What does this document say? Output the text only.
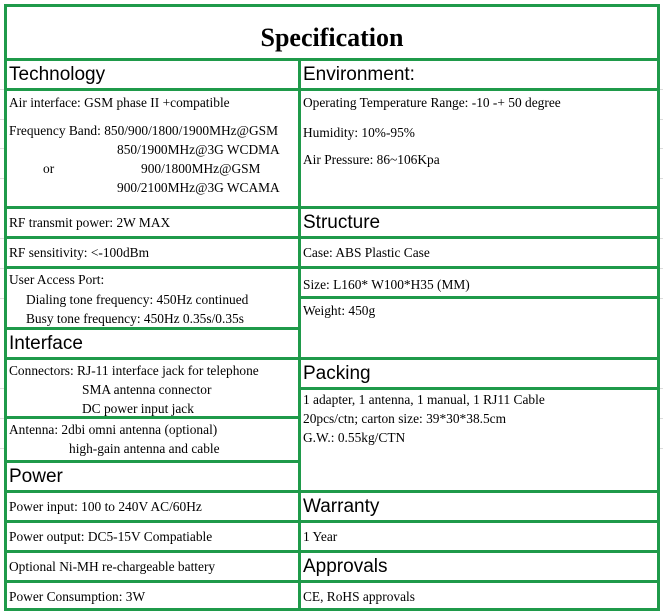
Specification
Technology
Air interface: GSM phase II +compatible
Frequency Band: 850/900/1800/1900MHz@GSM
850/1900MHz@3G WCDMA
or	900/1800MHz@GSM
900/2100MHz@3G WCAMA
RF transmit power: 2W MAX
RF sensitivity: <-100dBm
User Access Port:
Dialing tone frequency: 450Hz continued
Busy tone frequency: 450Hz 0.35s/0.35s
Interface
Connectors: RJ-11 interface jack for telephone
SMA antenna connector
DC power input jack
Antenna: 2dbi omni antenna (optional)
high-gain antenna and cable
Power
Power input: 100 to 240V AC/60Hz
Power output: DC5-15V Compatiable
Optional Ni-MH re-chargeable battery
Power Consumption: 3W
Environment:
Operating Temperature Range: -10 -+ 50 degree
Humidity: 10%-95%
Air Pressure: 86~106Kpa
Structure
Case: ABS Plastic Case
Size: L160* W100*H35 (MM)
Weight: 450g
Packing
1 adapter, 1 antenna, 1 manual, 1 RJ11 Cable
20pcs/ctn; carton size: 39*30*38.5cm
G.W.: 0.55kg/CTN
Warranty
1 Year
Approvals
CE, RoHS approvals
